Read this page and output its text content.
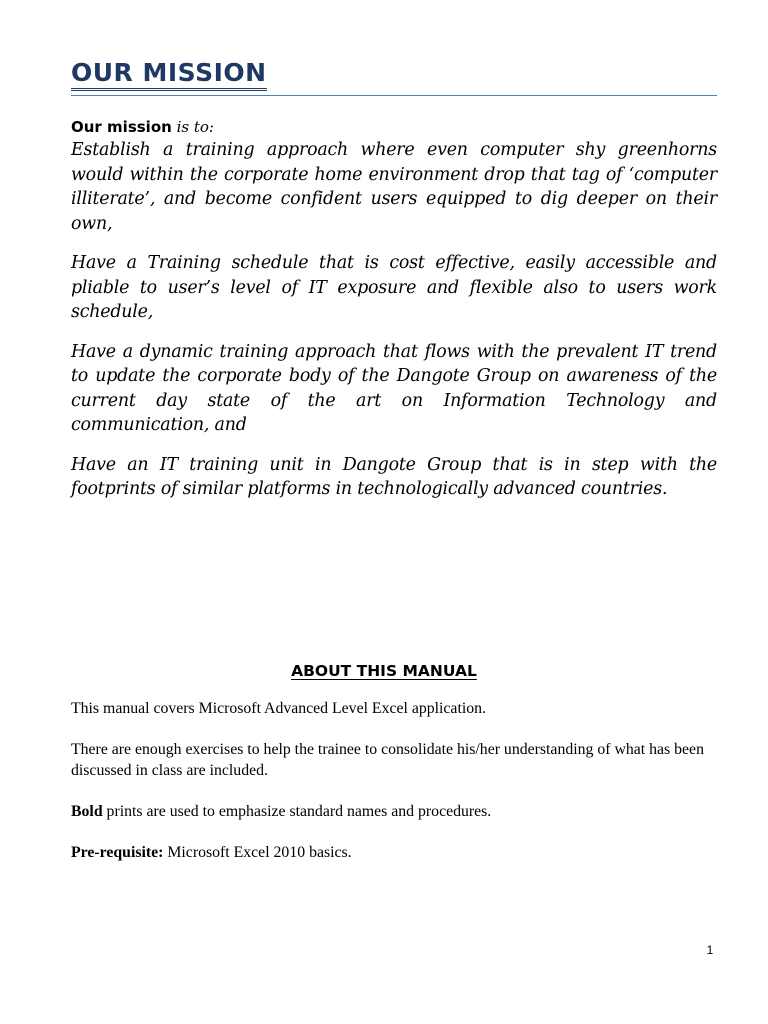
OUR MISSION

Our mission is to:

Establish a training approach where even computer shy greenhorns would within the corporate home environment drop that tag of ‘computer illiterate’, and become confident users equipped to dig deeper on their own,

Have a Training schedule that is cost effective, easily accessible and pliable to user’s level of IT exposure and flexible also to users work schedule,

Have a dynamic training approach that flows with the prevalent IT trend to update the corporate body of the Dangote Group on awareness of the current day state of the art on Information Technology and communication, and

Have an IT training unit in Dangote Group that is in step with the footprints of similar platforms in technologically advanced countries.

ABOUT THIS MANUAL

This manual covers Microsoft Advanced Level Excel application.

There are enough exercises to help the trainee to consolidate his/her understanding of what has been discussed in class are included.

Bold prints are used to emphasize standard names and procedures.

Pre-requisite: Microsoft Excel 2010 basics.

1
